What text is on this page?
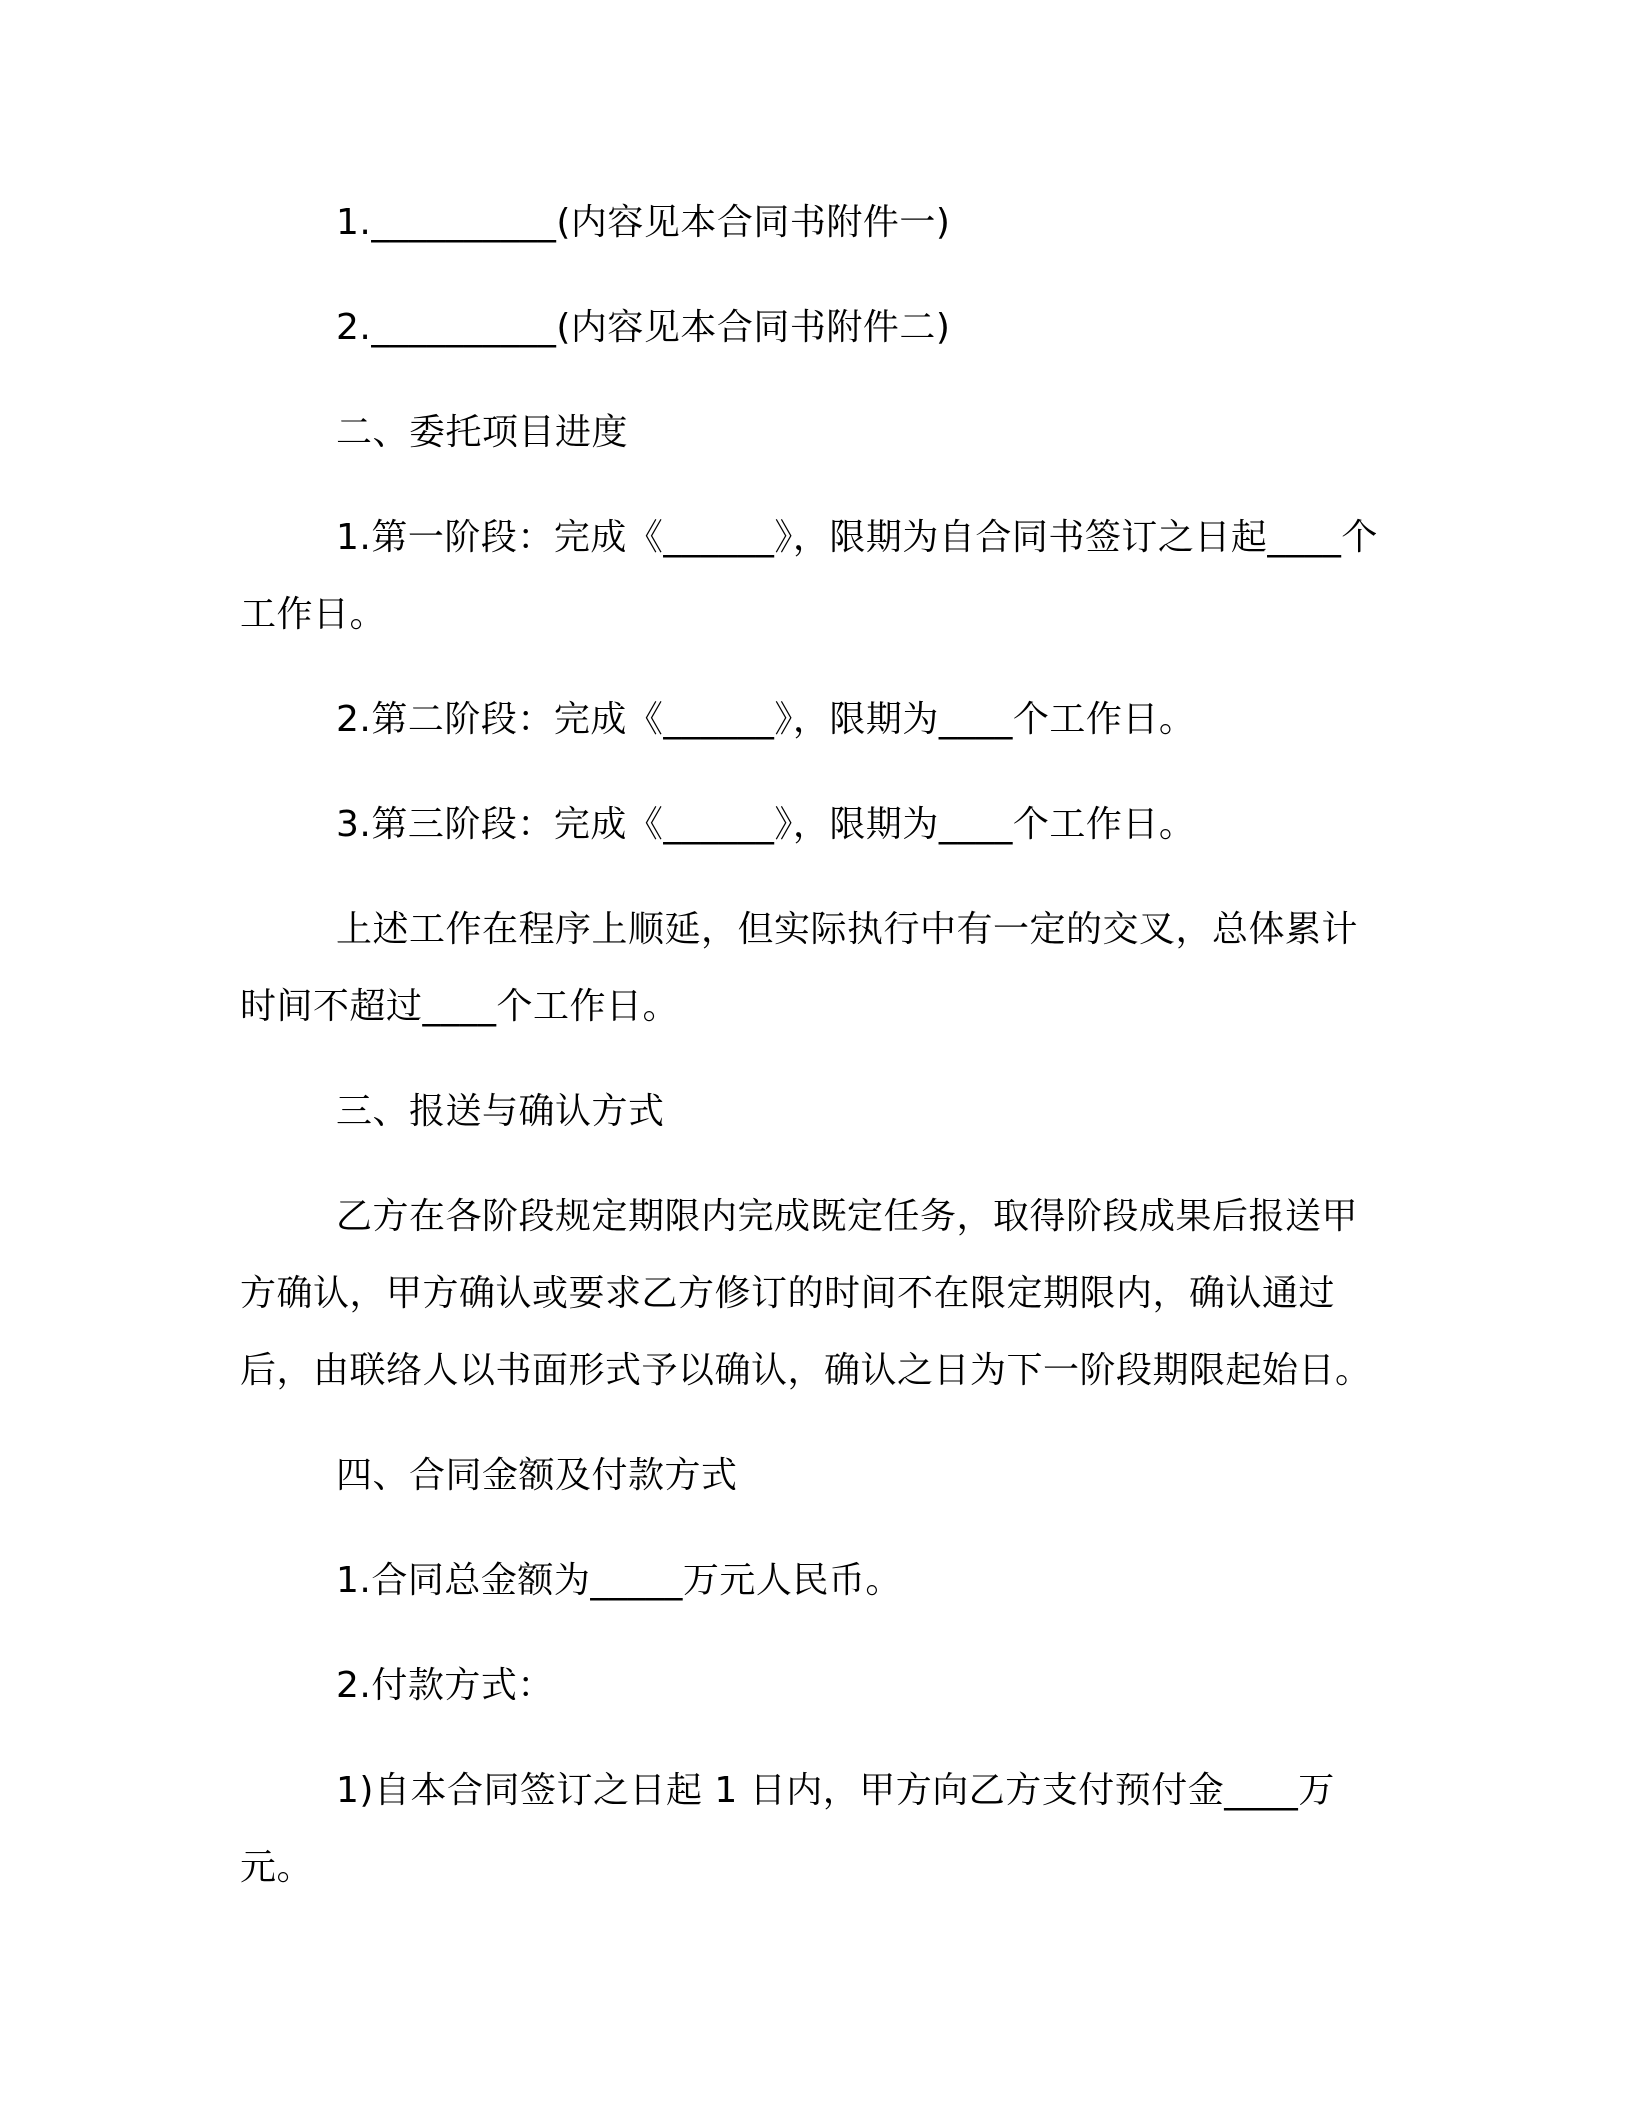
1.__________(内容见本合同书附件一)

2.__________(内容见本合同书附件二)

二、委托项目进度

1.第一阶段：完成《______》，限期为自合同书签订之日起____个工作日。

2.第二阶段：完成《______》，限期为____个工作日。

3.第三阶段：完成《______》，限期为____个工作日。

上述工作在程序上顺延，但实际执行中有一定的交叉，总体累计时间不超过____个工作日。

三、报送与确认方式

乙方在各阶段规定期限内完成既定任务，取得阶段成果后报送甲方确认，甲方确认或要求乙方修订的时间不在限定期限内，确认通过后，由联络人以书面形式予以确认，确认之日为下一阶段期限起始日。

四、合同金额及付款方式

1.合同总金额为_____万元人民币。

2.付款方式：

1)自本合同签订之日起 1 日内，甲方向乙方支付预付金____万元。
